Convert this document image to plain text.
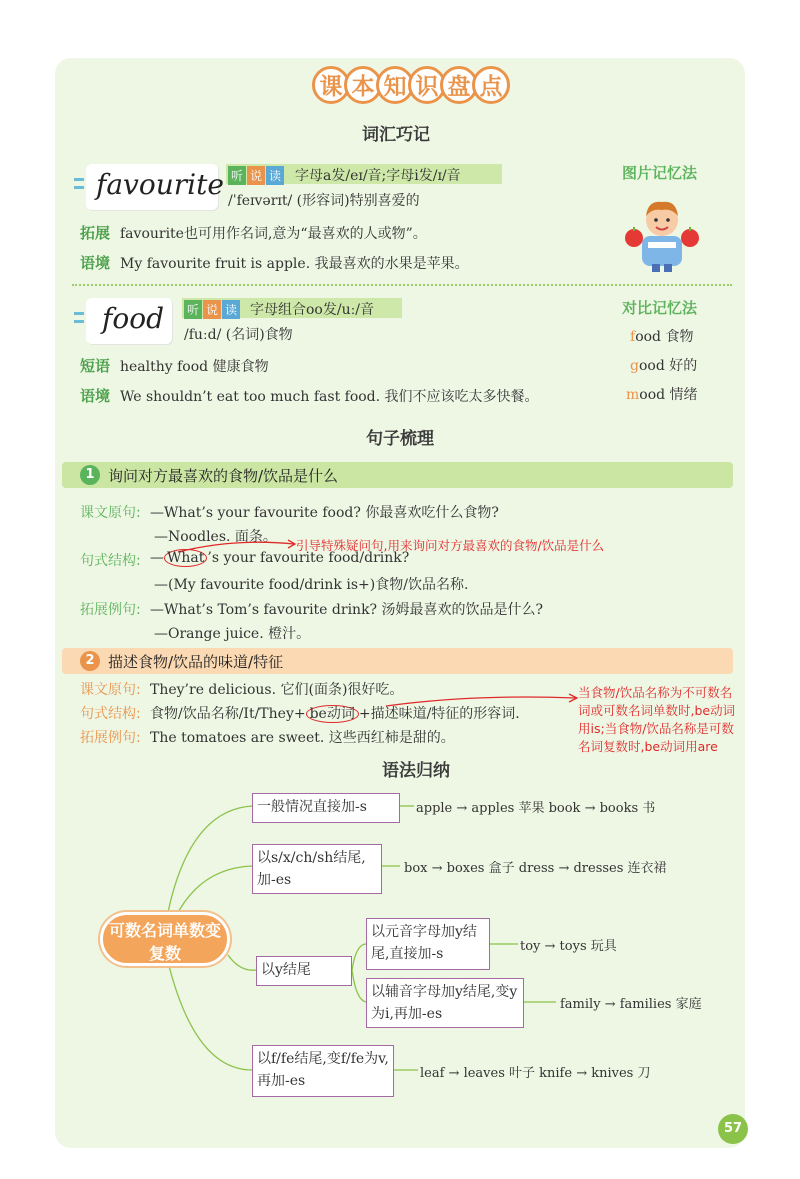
课 本 知 识 盘 点
词汇巧记
favourite 听 说 读 字母a发/eɪ/音;字母i发/ɪ/音
/ˈfeɪvərɪt/ (形容词)特别喜爱的
拓展 favourite也可用作名词,意为“最喜欢的人或物”。
语境 My favourite fruit is apple. 我最喜欢的水果是苹果。
图片记忆法
food 听 说 读 字母组合oo发/uː/音
/fuːd/ (名词)食物
短语 healthy food 健康食物
语境 We shouldn’t eat too much fast food. 我们不应该吃太多快餐。
对比记忆法
food 食物
good 好的
mood 情绪
句子梳理
1 询问对方最喜欢的食物/饮品是什么
课文原句: —What’s your favourite food? 你最喜欢吃什么食物?
—Noodles. 面条。
引导特殊疑问句,用来询问对方最喜欢的食物/饮品是什么
句式结构: — What ’s your favourite food/drink?
—(My favourite food/drink is+)食物/饮品名称.
拓展例句: —What’s Tom’s favourite drink? 汤姆最喜欢的饮品是什么?
—Orange juice. 橙汁。
2 描述食物/饮品的味道/特征
课文原句: They’re delicious. 它们(面条)很好吃。
句式结构: 食物/饮品名称/It/They+ be动词 +描述味道/特征的形容词.
拓展例句: The tomatoes are sweet. 这些西红柿是甜的。
当食物/饮品名称为不可数名词或可数名词单数时,be动词用is;当食物/饮品名称是可数名词复数时,be动词用are
语法归纳
可数名词单数变复数
一般情况直接加-s	apple → apples 苹果 book → books 书
以s/x/ch/sh结尾,加-es
box → boxes 盒子 dress → dresses 连衣裙
以y结尾
以元音字母加y结尾,直接加-s	toy → toys 玩具
以辅音字母加y结尾,变y为i,再加-es
family → families 家庭
以f/fe结尾,变f/fe为v,再加-es	leaf → leaves 叶子 knife → knives 刀
57
